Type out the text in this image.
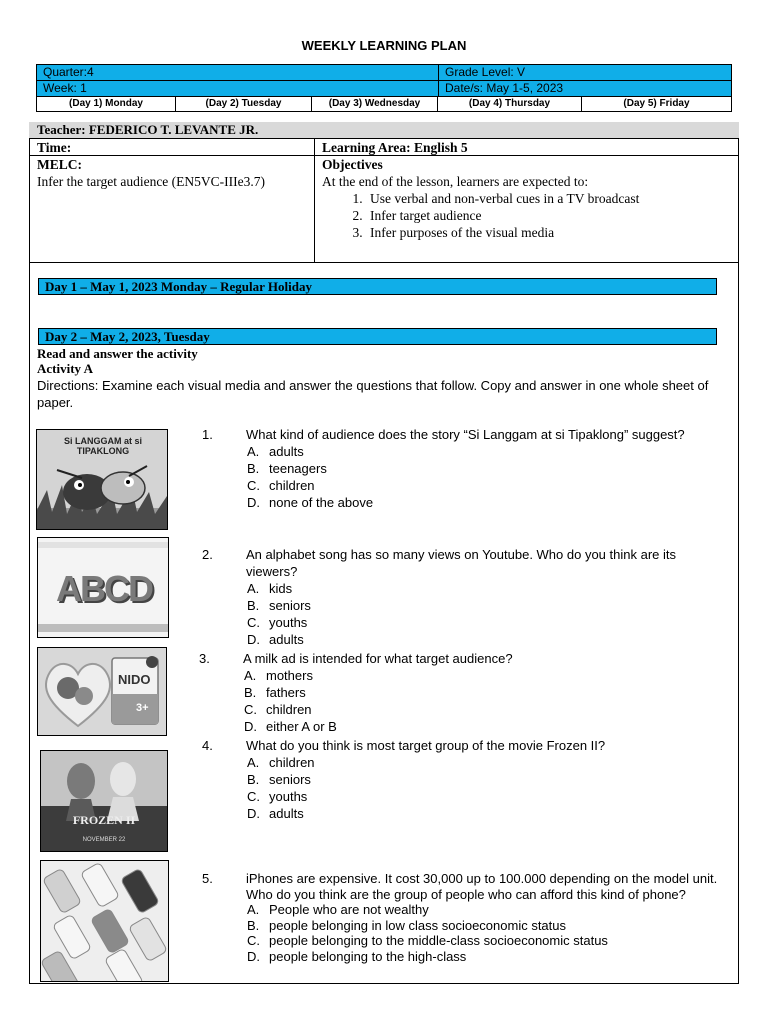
WEEKLY LEARNING PLAN
Quarter:4	Grade Level: V
Week: 1	Date/s: May 1-5, 2023
(Day 1) Monday	(Day 2) Tuesday	(Day 3) Wednesday	(Day 4) Thursday	(Day 5) Friday
Teacher: FEDERICO T. LEVANTE JR.
Time:	Learning Area: English 5
MELC:
Infer the target audience (EN5VC-IIIe3.7)
Objectives
At the end of the lesson, learners are expected to:
1. Use verbal and non-verbal cues in a TV broadcast
2. Infer target audience
3. Infer purposes of the visual media
Day 1 – May 1, 2023 Monday – Regular Holiday
Day 2 – May 2, 2023, Tuesday
Read and answer the activity
Activity A
Directions: Examine each visual media and answer the questions that follow. Copy and answer in one whole sheet of paper.
Si LANGGAM at si TIPAKLONG
ABCD
NIDO
3+
FROZEN II
NOVEMBER 22
1.	What kind of audience does the story “Si Langgam at si Tipaklong” suggest?
A. adults
B. teenagers
C. children
D. none of the above
2.	An alphabet song has so many views on Youtube. Who do you think are its viewers?
A. kids
B. seniors
C. youths
D. adults
3.	A milk ad is intended for what target audience?
A. mothers
B. fathers
C. children
D. either A or B
4.	What do you think is most target group of the movie Frozen II?
A. children
B. seniors
C. youths
D. adults
5.	iPhones are expensive. It cost 30,000 up to 100.000 depending on the model unit. Who do you think are the group of people who can afford this kind of phone?
A. People who are not wealthy
B. people belonging in low class socioeconomic status
C. people belonging to the middle-class socioeconomic status
D. people belonging to the high-class
